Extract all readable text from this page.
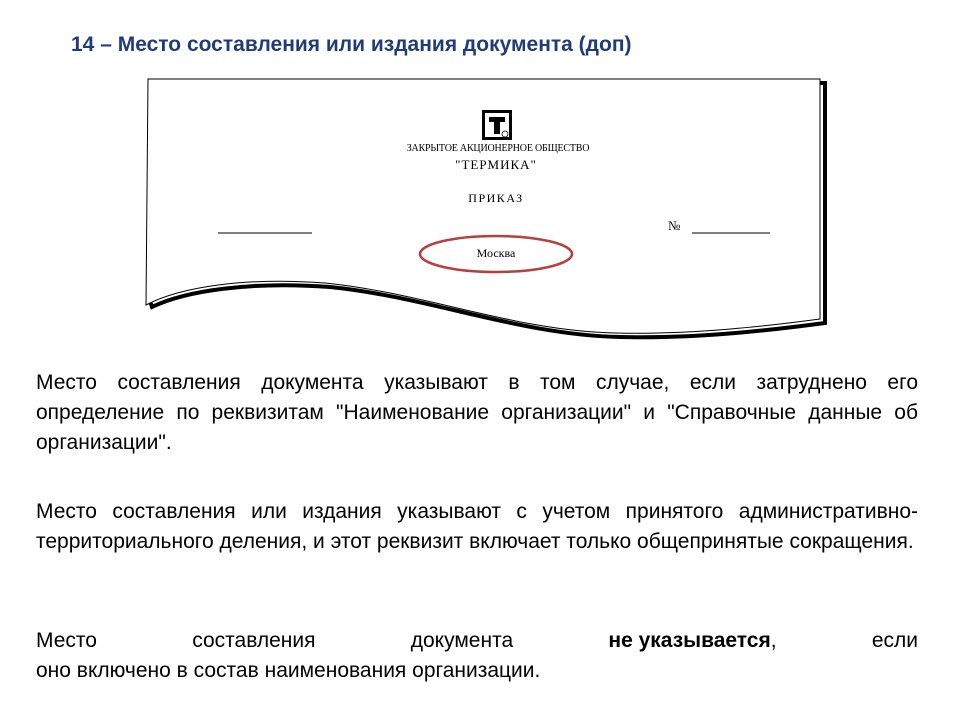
14 – Место составления или издания документа (доп)
ЗАКРЫТОЕ АКЦИОНЕРНОЕ ОБЩЕСТВО
"ТЕРМИКА"
ПРИКАЗ
№
Москва

Место составления документа указывают в том случае, если затруднено его определение по реквизитам "Наименование организации" и "Справочные данные об организации".

Место составления или издания указывают с учетом принятого административно-территориального деления, и этот реквизит включает только общепринятые сокращения.

Место	составления	документа	не указывается,	если
оно включено в состав наименования организации.
